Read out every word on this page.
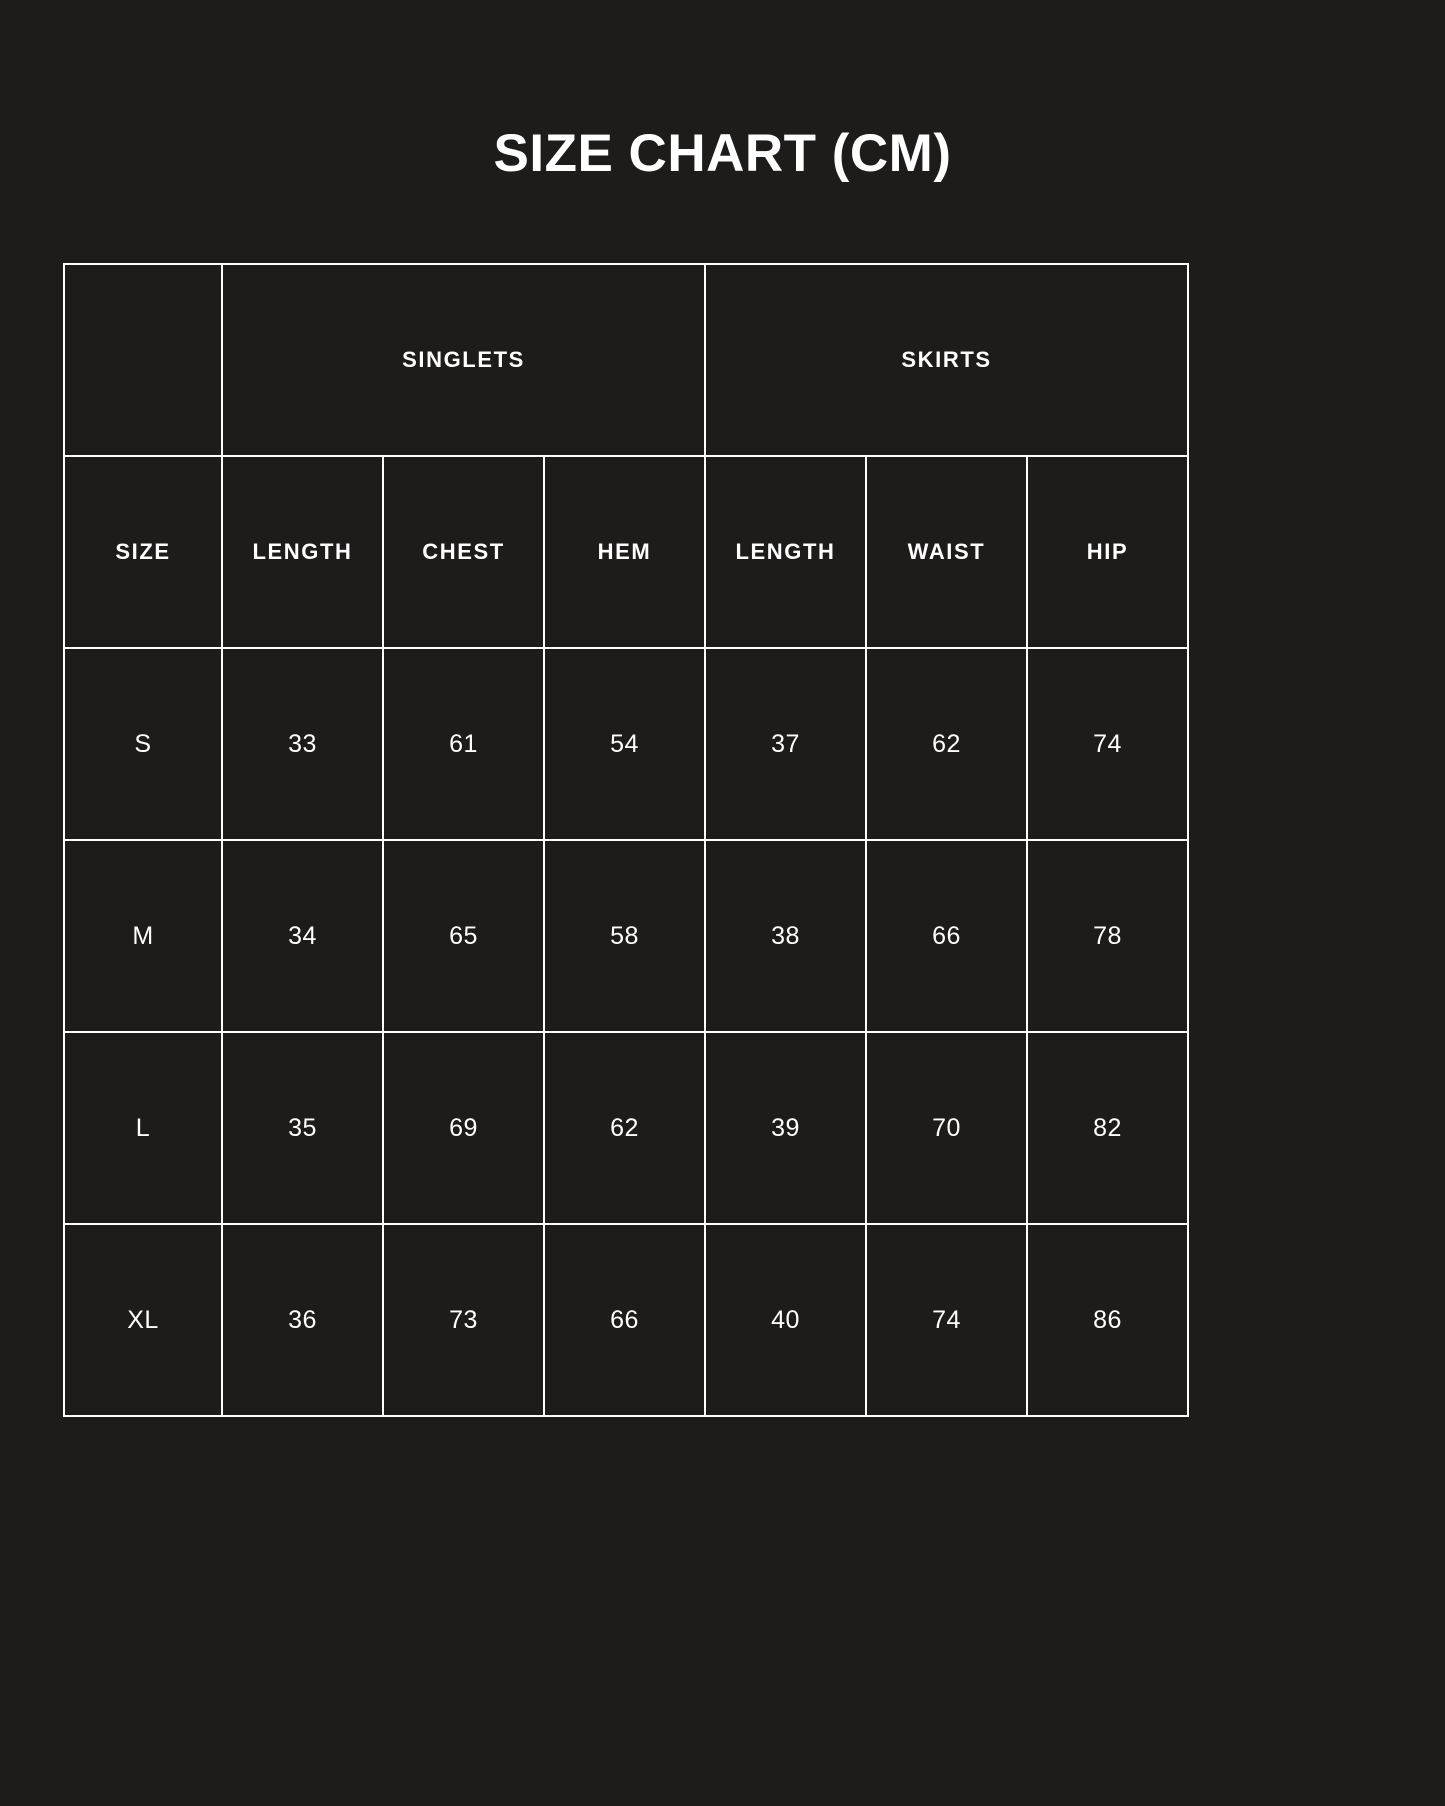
SIZE CHART (CM)
	SINGLETS			SKIRTS		
SIZE	LENGTH	CHEST	HEM	LENGTH	WAIST	HIP
S	33	61	54	37	62	74
M	34	65	58	38	66	78
L	35	69	62	39	70	82
XL	36	73	66	40	74	86
